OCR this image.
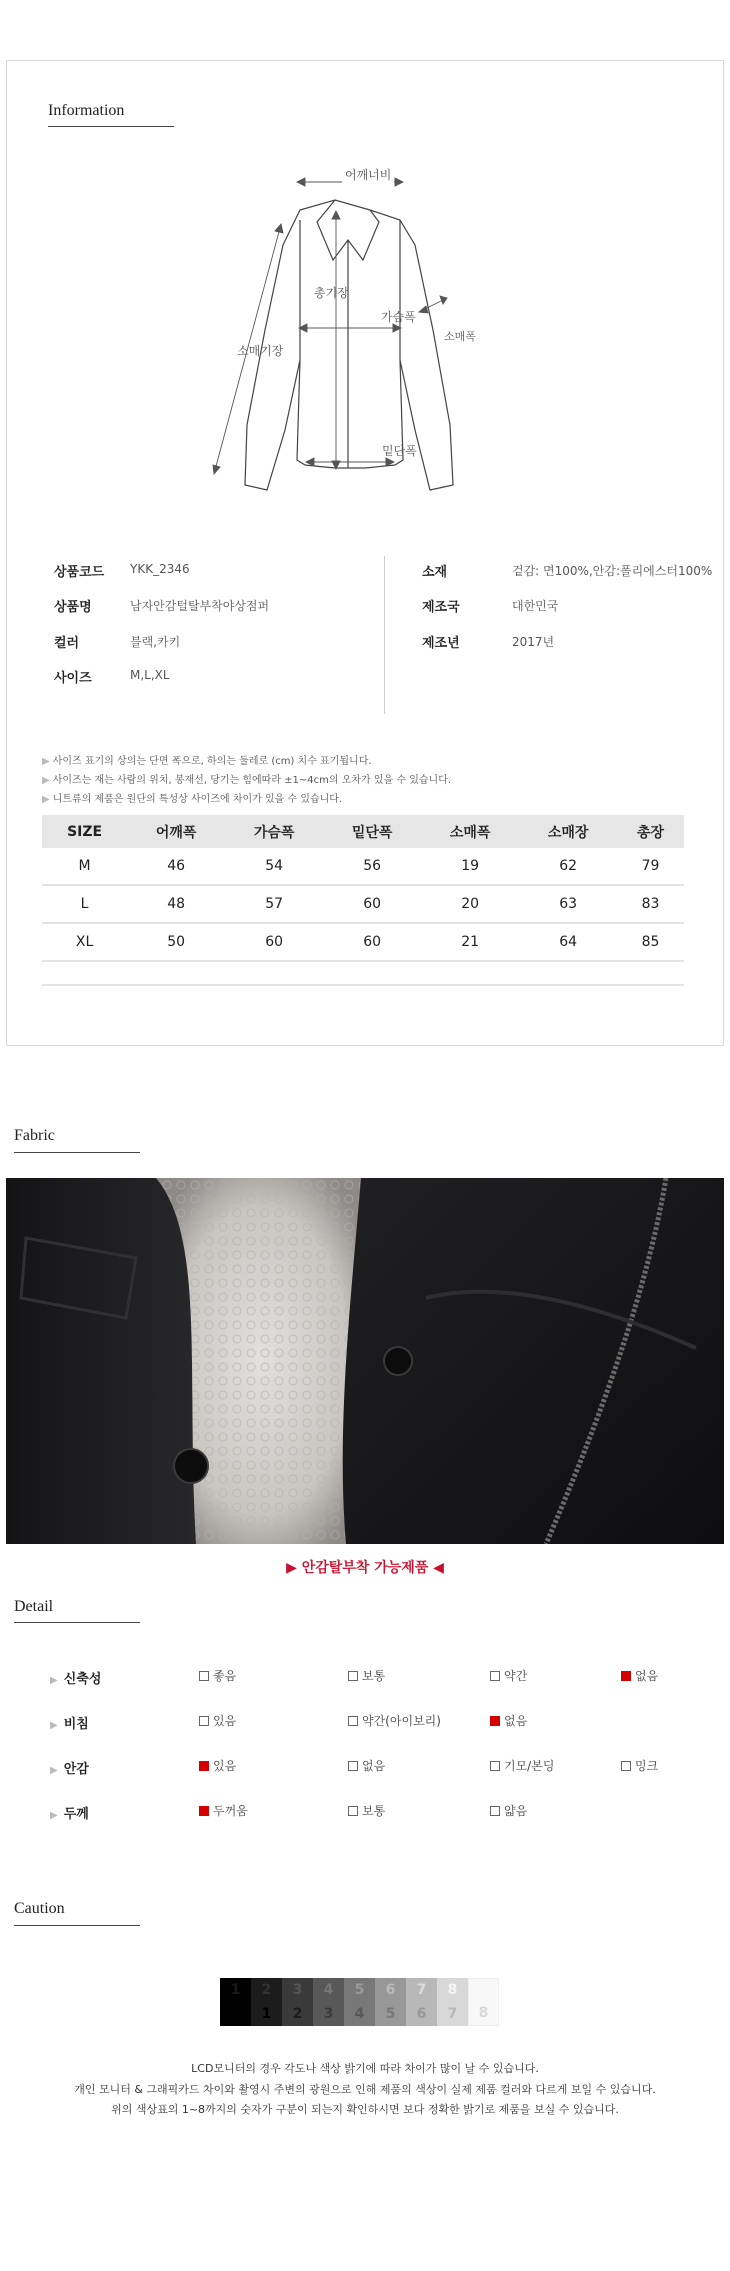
Information
어깨너비
총기장
가슴폭
소매기장
소매폭
밑단폭
상품코드 YKK_2346
상품명	남자안감털탈부착야상점퍼
컬러	블랙,카키
사이즈	M,L,XL
소재	겉감: 면100%,안감:폴리에스터100%
제조국	대한민국
제조년	2017년
▶ 사이즈 표기의 상의는 단면 폭으로, 하의는 둘레로 (cm) 치수 표기됩니다.
▶ 사이즈는 재는 사람의 위치, 봉재선, 당기는 힘에따라 ±1~4cm의 오차가 있을 수 있습니다.
▶ 니트류의 제품은 원단의 특성상 사이즈에 차이가 있을 수 있습니다.
SIZE	어깨폭	가슴폭	밑단폭	소매폭	소매장	총장
M	46	54	56	19	62	79
L	48	57	60	20	63	83
XL	50	60	60	21	64	85
Fabric
▶ 안감탈부착 가능제품 ◀
Detail
▶ 신축성	좋음	보통	약간	없음
▶ 비침	있음	약간(아이보리)	없음
▶ 안감	있음	없음	기모/본딩	밍크
▶ 두께	두꺼움	보통	얇음
Caution
1 2
1
3
2
4
3
5
4
6
5
7
6
8
7 8
LCD모니터의 경우 각도나 색상 밝기에 따라 차이가 많이 날 수 있습니다.
개인 모니터 & 그래픽카드 차이와 촬영시 주변의 광원으로 인해 제품의 색상이 실제 제품 컬러와 다르게 보일 수 있습니다.
위의 색상표의 1~8까지의 숫자가 구분이 되는지 확인하시면 보다 정확한 밝기로 제품을 보실 수 있습니다.
